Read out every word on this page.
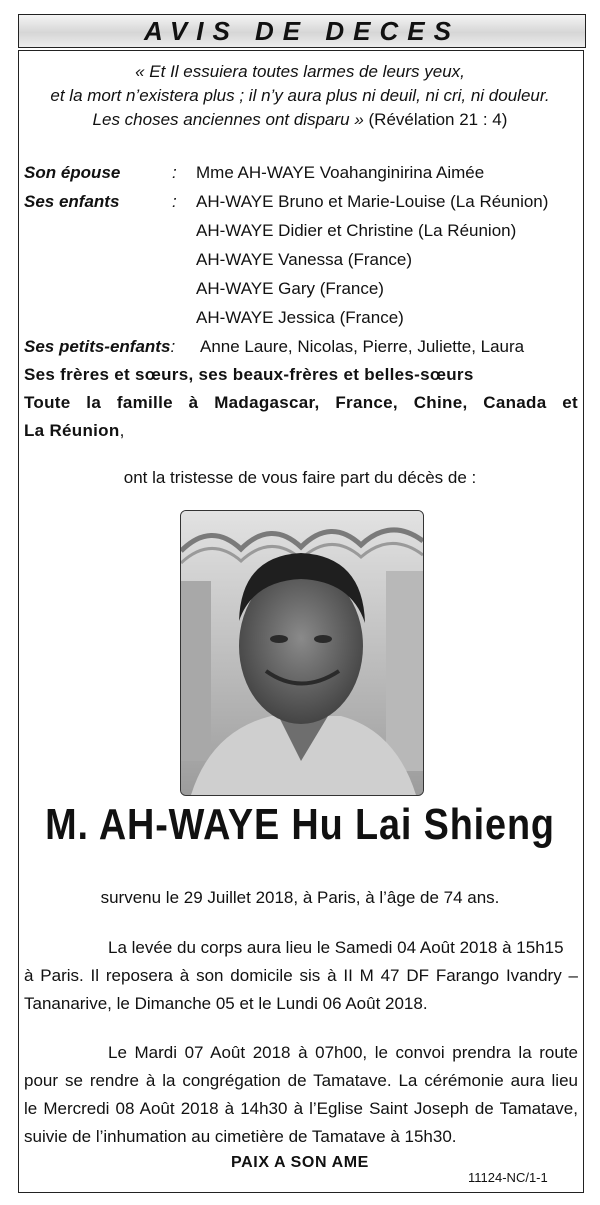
AVIS DE DECES
« Et Il essuiera toutes larmes de leurs yeux,
et la mort n’existera plus ; il n’y aura plus ni deuil, ni cri, ni douleur.
Les choses anciennes ont disparu » (Révélation 21 : 4)
Son épouse	: Mme AH-WAYE Voahanginirina Aimée
Ses enfants	: AH-WAYE Bruno et Marie-Louise (La Réunion)
AH-WAYE Didier et Christine (La Réunion)
AH-WAYE Vanessa (France)
AH-WAYE Gary (France)
AH-WAYE Jessica (France)
Ses petits-enfants: Anne Laure, Nicolas, Pierre, Juliette, Laura
Ses frères et sœurs, ses beaux-frères et belles-sœurs
Toute la famille à Madagascar, France, Chine, Canada et
La Réunion,
ont la tristesse de vous faire part du décès de :
M. AH-WAYE Hu Lai Shieng
survenu le 29 Juillet 2018, à Paris, à l’âge de 74 ans.
La levée du corps aura lieu le Samedi 04 Août 2018 à 15h15
à Paris. Il reposera à son domicile sis à II M 47 DF Farango Ivandry –
Tananarive, le Dimanche 05 et le Lundi 06 Août 2018.
Le Mardi 07 Août 2018 à 07h00, le convoi prendra la route
pour se rendre à la congrégation de Tamatave. La cérémonie aura lieu
le Mercredi 08 Août 2018 à 14h30 à l’Eglise Saint Joseph de Tamatave,
suivie de l’inhumation au cimetière de Tamatave à 15h30.
PAIX A SON AME
11124-NC/1-1
